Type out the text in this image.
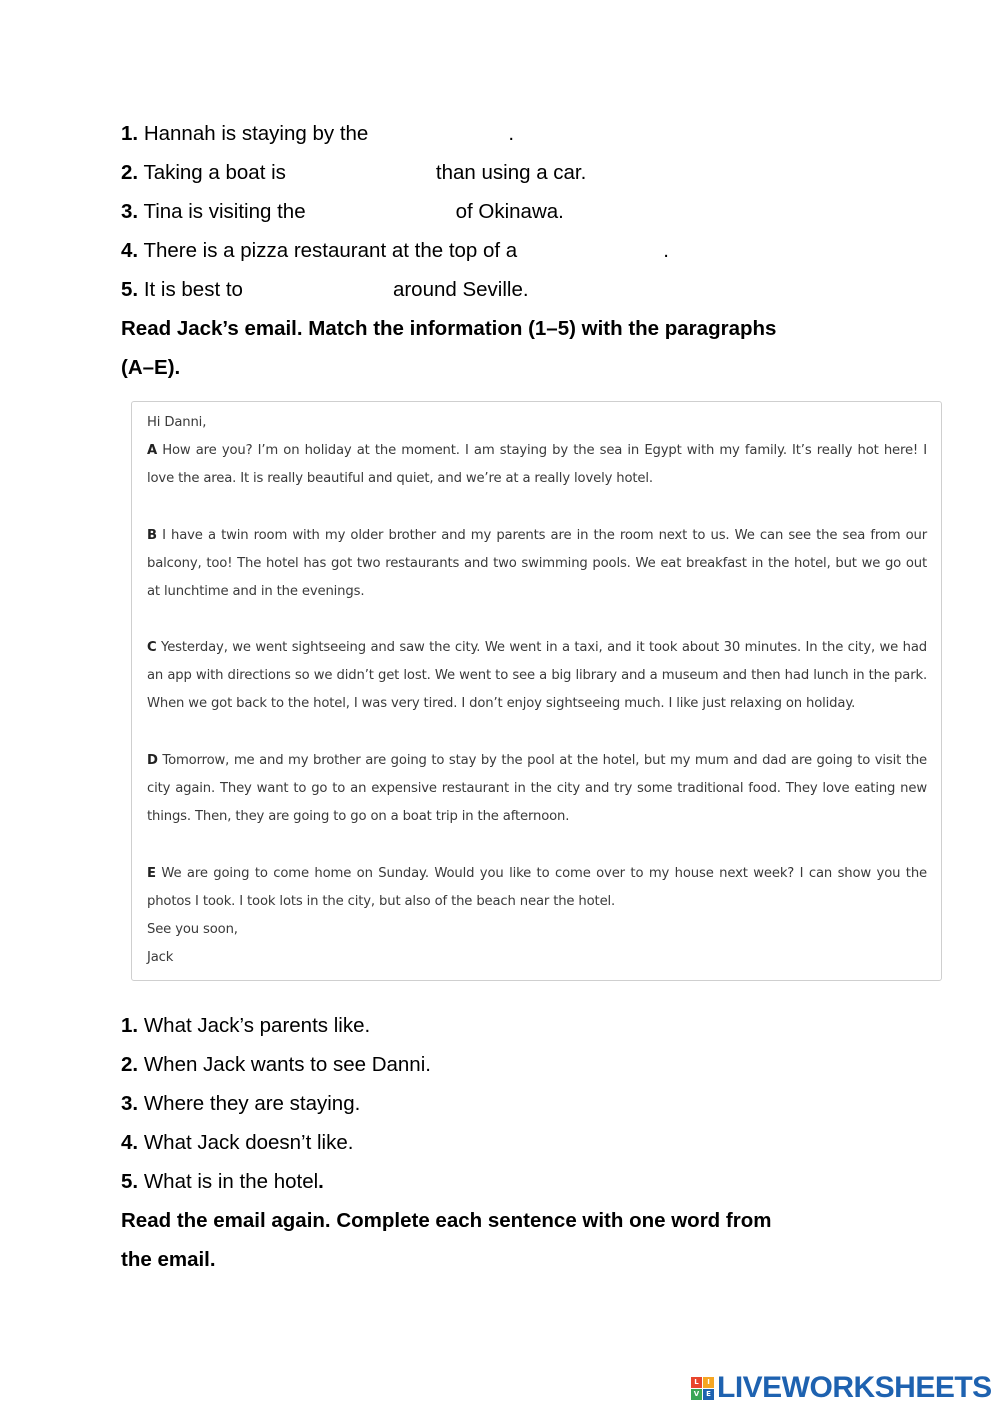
1. Hannah is staying by the	.
2. Taking a boat is	than using a car.
3. Tina is visiting the	of Okinawa.
4. There is a pizza restaurant at the top of a	.
5. It is best to	around Seville.
Read Jack’s email. Match the information (1–5) with the paragraphs
(A–E).
Hi Danni,
A How are you? I’m on holiday at the moment. I am staying by the sea in Egypt with my family. It’s really hot here! I love the area. It is really beautiful and quiet, and we’re at a really lovely hotel.
B I have a twin room with my older brother and my parents are in the room next to us. We can see the sea from our balcony, too! The hotel has got two restaurants and two swimming pools. We eat breakfast in the hotel, but we go out at lunchtime and in the evenings.
C Yesterday, we went sightseeing and saw the city. We went in a taxi, and it took about 30 minutes. In the city, we had an app with directions so we didn’t get lost. We went to see a big library and a museum and then had lunch in the park. When we got back to the hotel, I was very tired. I don’t enjoy sightseeing much. I like just relaxing on holiday.
D Tomorrow, me and my brother are going to stay by the pool at the hotel, but my mum and dad are going to visit the city again. They want to go to an expensive restaurant in the city and try some traditional food. They love eating new things. Then, they are going to go on a boat trip in the afternoon.
E We are going to come home on Sunday. Would you like to come over to my house next week? I can show you the photos I took. I took lots in the city, but also of the beach near the hotel.
See you soon,
Jack
1. What Jack’s parents like.
2. When Jack wants to see Danni.
3. Where they are staying.
4. What Jack doesn’t like.
5. What is in the hotel.
Read the email again. Complete each sentence with one word from
the email.
L	I
V E LIVEWORKSHEETS
